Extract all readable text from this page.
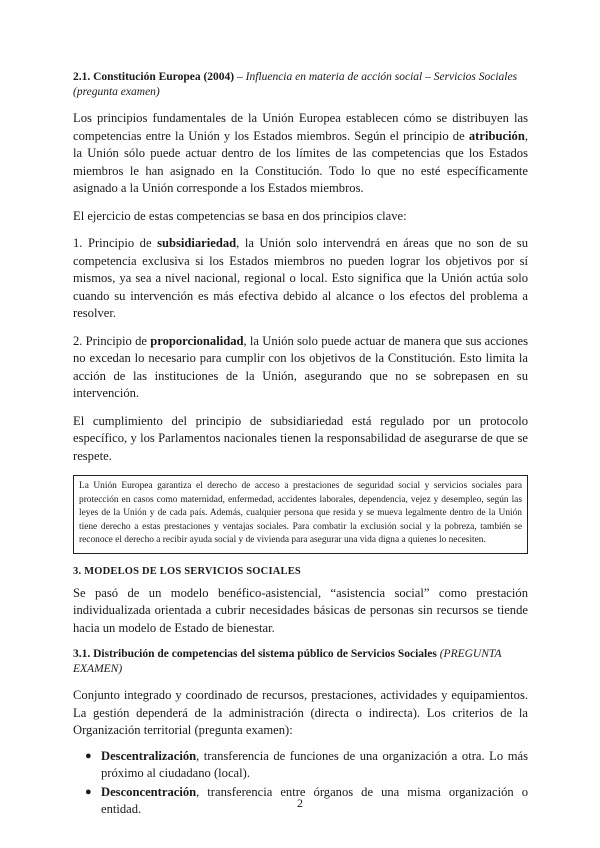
2.1. Constitución Europea (2004) – Influencia en materia de acción social – Servicios Sociales (pregunta examen)

Los principios fundamentales de la Unión Europea establecen cómo se distribuyen las competencias entre la Unión y los Estados miembros. Según el principio de atribución, la Unión sólo puede actuar dentro de los límites de las competencias que los Estados miembros le han asignado en la Constitución. Todo lo que no esté específicamente asignado a la Unión corresponde a los Estados miembros.

El ejercicio de estas competencias se basa en dos principios clave:

1. Principio de subsidiariedad, la Unión solo intervendrá en áreas que no son de su competencia exclusiva si los Estados miembros no pueden lograr los objetivos por sí mismos, ya sea a nivel nacional, regional o local. Esto significa que la Unión actúa solo cuando su intervención es más efectiva debido al alcance o los efectos del problema a resolver.

2. Principio de proporcionalidad, la Unión solo puede actuar de manera que sus acciones no excedan lo necesario para cumplir con los objetivos de la Constitución. Esto limita la acción de las instituciones de la Unión, asegurando que no se sobrepasen en su intervención.

El cumplimiento del principio de subsidiariedad está regulado por un protocolo específico, y los Parlamentos nacionales tienen la responsabilidad de asegurarse de que se respete.

La Unión Europea garantiza el derecho de acceso a prestaciones de seguridad social y servicios sociales para protección en casos como maternidad, enfermedad, accidentes laborales, dependencia, vejez y desempleo, según las leyes de la Unión y de cada país. Además, cualquier persona que resida y se mueva legalmente dentro de la Unión tiene derecho a estas prestaciones y ventajas sociales. Para combatir la exclusión social y la pobreza, también se reconoce el derecho a recibir ayuda social y de vivienda para asegurar una vida digna a quienes lo necesiten.
3. MODELOS DE LOS SERVICIOS SOCIALES

Se pasó de un modelo benéfico-asistencial, “asistencia social” como prestación individualizada orientada a cubrir necesidades básicas de personas sin recursos se tiende hacia un modelo de Estado de bienestar.

3.1. Distribución de competencias del sistema público de Servicios Sociales (PREGUNTA EXAMEN)

Conjunto integrado y coordinado de recursos, prestaciones, actividades y equipamientos. La gestión dependerá de la administración (directa o indirecta). Los criterios de la Organización territorial (pregunta examen):

● Descentralización, transferencia de funciones de una organización a otra. Lo más próximo al ciudadano (local).
● Desconcentración, transferencia entre órganos de una misma organización o entidad.	2
